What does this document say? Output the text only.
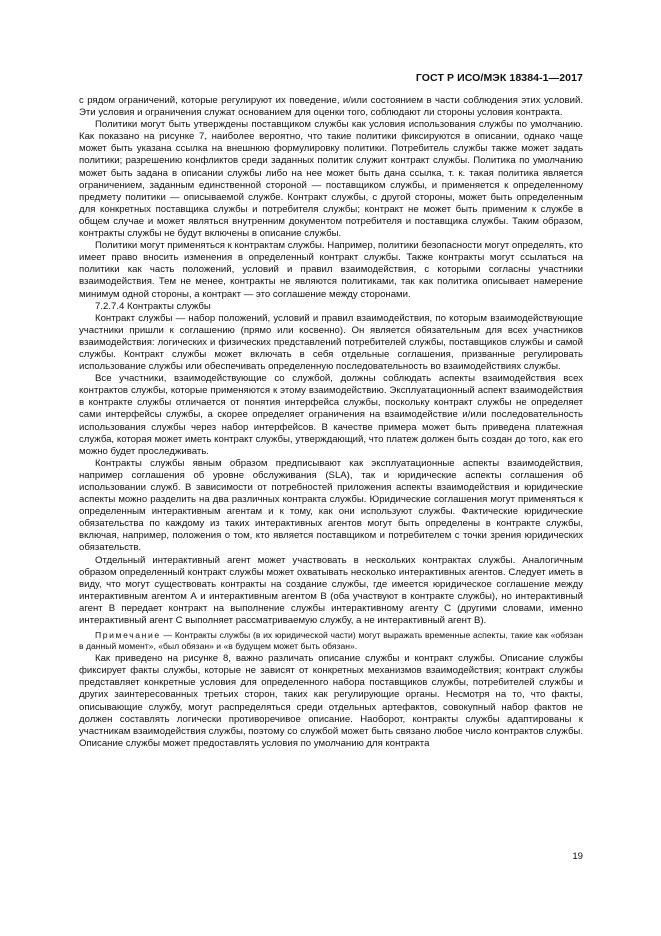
ГОСТ Р ИСО/МЭК 18384-1—2017

с рядом ограничений, которые регулируют их поведение, и/или состоянием в части соблюдения этих условий. Эти условия и ограничения служат основанием для оценки того, соблюдают ли стороны условия контракта.

Политики могут быть утверждены поставщиком службы как условия использования службы по умолчанию. Как показано на рисунке 7, наиболее вероятно, что такие политики фиксируются в описании, однако чаще может быть указана ссылка на внешнюю формулировку политики. Потребитель службы также может задать политики; разрешению конфликтов среди заданных политик служит контракт службы. Политика по умолчанию может быть задана в описании службы либо на нее может быть дана ссылка, т. к. такая политика является ограничением, заданным единственной стороной — поставщиком службы, и применяется к определенному предмету политики — описываемой службе. Контракт службы, с другой стороны, может быть определенным для конкретных поставщика службы и потребителя службы; контракт не может быть применим к службе в общем случае и может являться внутренним документом потребителя и поставщика службы. Таким образом, контракты службы не будут включены в описание службы.

Политики могут применяться к контрактам службы. Например, политики безопасности могут определять, кто имеет право вносить изменения в определенный контракт службы. Также контракты могут ссылаться на политики как часть положений, условий и правил взаимодействия, с которыми согласны участники взаимодействия. Тем не менее, контракты не являются политиками, так как политика описывает намерение минимум одной стороны, а контракт — это соглашение между сторонами.

7.2.7.4 Контракты службы

Контракт службы — набор положений, условий и правил взаимодействия, по которым взаимодействующие участники пришли к соглашению (прямо или косвенно). Он является обязательным для всех участников взаимодействия: логических и физических представлений потребителей службы, поставщиков службы и самой службы. Контракт службы может включать в себя отдельные соглашения, призванные регулировать использование службы или обеспечивать определенную последовательность во взаимодействиях службы.

Все участники, взаимодействующие со службой, должны соблюдать аспекты взаимодействия всех контрактов службы, которые применяются к этому взаимодействию. Эксплуатационный аспект взаимодействия в контракте службы отличается от понятия интерфейса службы, поскольку контракт службы не определяет сами интерфейсы службы, а скорее определяет ограничения на взаимодействие и/или последовательность использования службы через набор интерфейсов. В качестве примера может быть приведена платежная служба, которая может иметь контракт службы, утверждающий, что платеж должен быть создан до того, как его можно будет проследживать.

Контракты службы явным образом предписывают как эксплуатационные аспекты взаимодействия, например соглашения об уровне обслуживания (SLA), так и юридические аспекты соглашения об использовании служб. В зависимости от потребностей приложения аспекты взаимодействия и юридические аспекты можно разделить на два различных контракта службы. Юридические соглашения могут применяться к определенным интерактивным агентам и к тому, как они используют службы. Фактические юридические обязательства по каждому из таких интерактивных агентов могут быть определены в контракте службы, включая, например, положения о том, кто является поставщиком и потребителем с точки зрения юридических обязательств.

Отдельный интерактивный агент может участвовать в нескольких контрактах службы. Аналогичным образом определенный контракт службы может охватывать несколько интерактивных агентов. Следует иметь в виду, что могут существовать контракты на создание службы, где имеется юридическое соглашение между интерактивным агентом А и интерактивным агентом В (оба участвуют в контракте службы), но интерактивный агент В передает контракт на выполнение службы интерактивному агенту С (другими словами, именно интерактивный агент С выполняет рассматриваемую службу, а не интерактивный агент В).

Примечание — Контракты службы (в их юридической части) могут выражать временные аспекты, такие как «обязан в данный момент», «был обязан» и «в будущем может быть обязан».

Как приведено на рисунке 8, важно различать описание службы и контракт службы. Описание службы фиксирует факты службы, которые не зависят от конкретных механизмов взаимодействия; контракт службы представляет конкретные условия для определенного набора поставщиков службы, потребителей службы и других заинтересованных третьих сторон, таких как регулирующие органы. Несмотря на то, что факты, описывающие службу, могут распределяться среди отдельных артефактов, совокупный набор фактов не должен составлять логически противоречивое описание. Наоборот, контракты службы адаптированы к участникам взаимодействия службы, поэтому со службой может быть связано любое число контрактов службы. Описание службы может предоставлять условия по умолчанию для контракта

19
